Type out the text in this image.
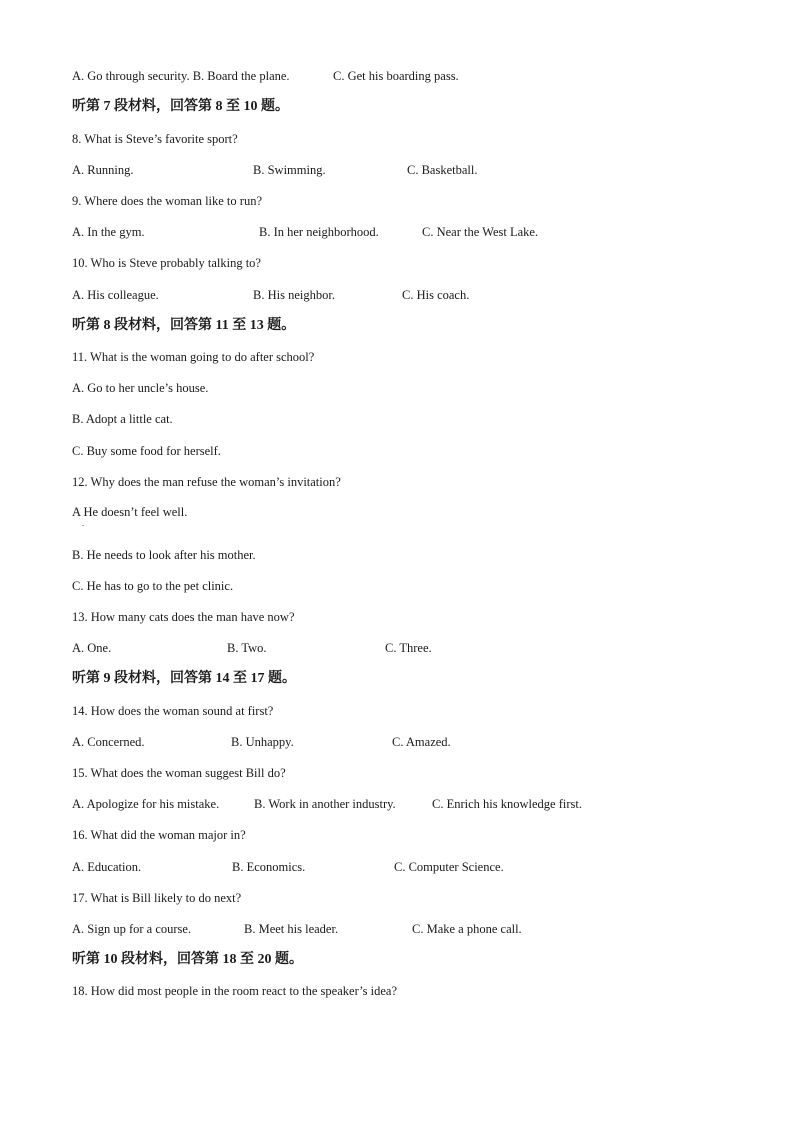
A. Go through security. B. Board the plane.	C. Get his boarding pass.
听第 7 段材料，回答第 8 至 10 题。
8. What is Steve’s favorite sport?
A. Running.	B. Swimming.	C. Basketball.
9. Where does the woman like to run?
A. In the gym.	B. In her neighborhood.	C. Near the West Lake.
10. Who is Steve probably talking to?
A. His colleague.	B. His neighbor.	C. His coach.
听第 8 段材料，回答第 11 至 13 题。
11. What is the woman going to do after school?
A. Go to her uncle’s house.
B. Adopt a little cat.
C. Buy some food for herself.
12. Why does the man refuse the woman’s invitation?
A He doesn’t feel well.
.
B. He needs to look after his mother.
C. He has to go to the pet clinic.
13. How many cats does the man have now?
A. One.	B. Two.	C. Three.
听第 9 段材料，回答第 14 至 17 题。
14. How does the woman sound at first?
A. Concerned.	B. Unhappy.	C. Amazed.
15. What does the woman suggest Bill do?
A. Apologize for his mistake.	B. Work in another industry.	C. Enrich his knowledge first.
16. What did the woman major in?
A. Education.	B. Economics.	C. Computer Science.
17. What is Bill likely to do next?
A. Sign up for a course.	B. Meet his leader.	C. Make a phone call.
听第 10 段材料，回答第 18 至 20 题。
18. How did most people in the room react to the speaker’s idea?
